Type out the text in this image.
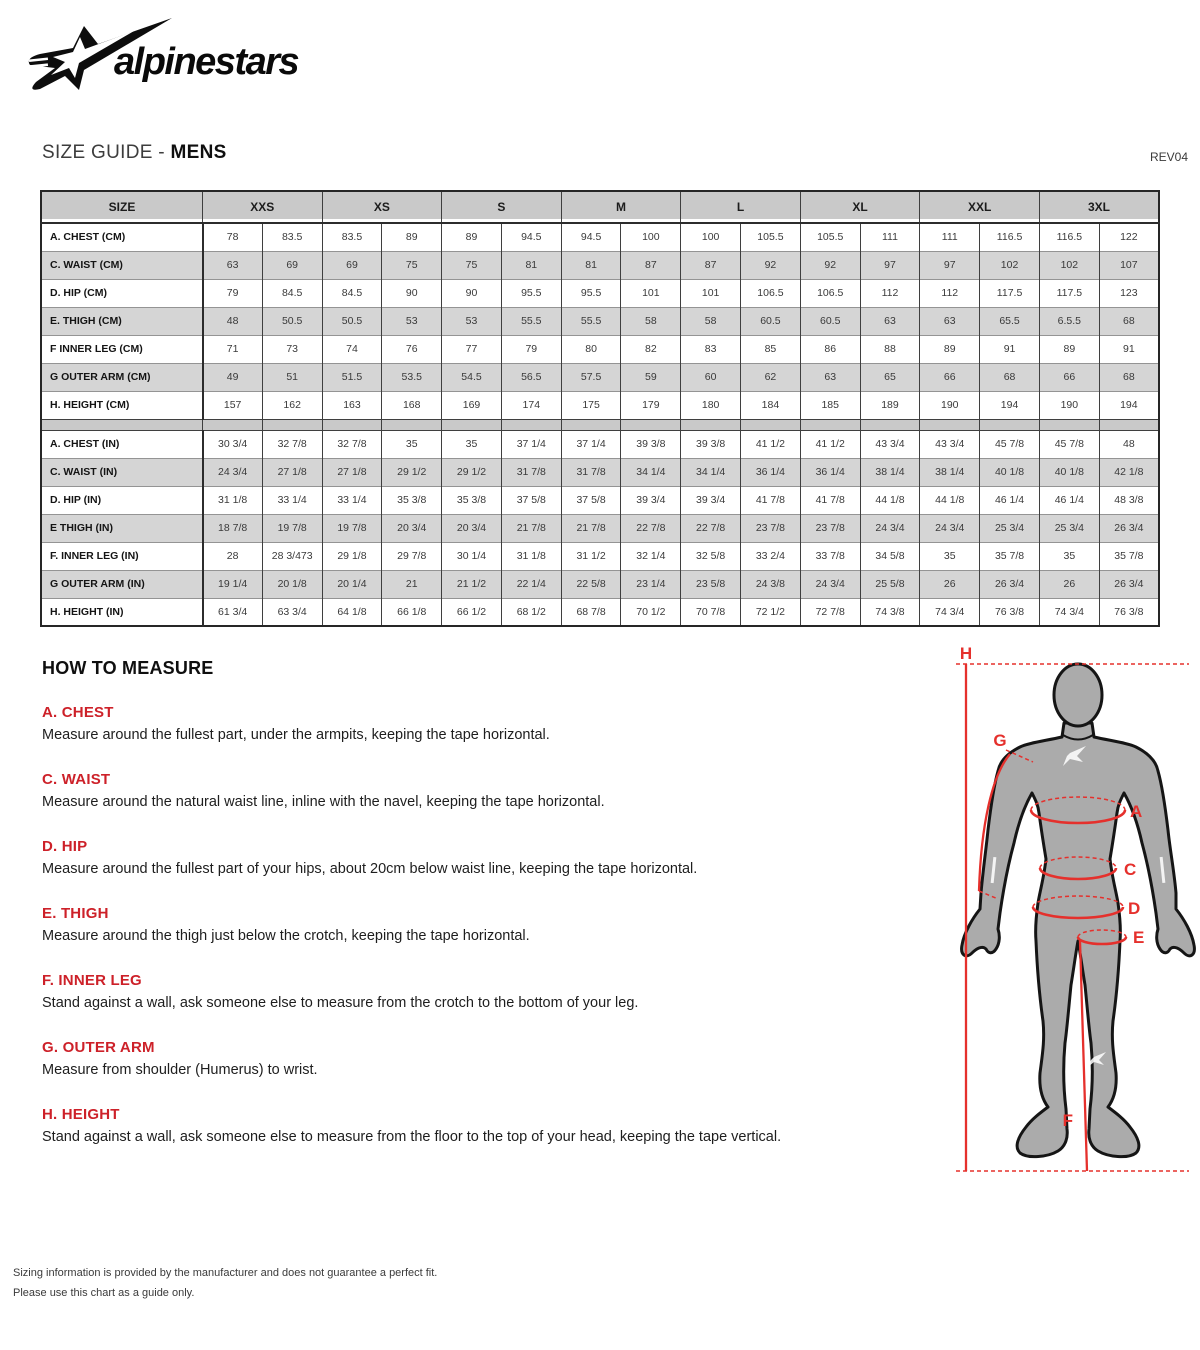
alpinestars
SIZE GUIDE - MENS	REV04
SIZE	XXS		XS		S		M		L		XL		XXL		3XL	
A. CHEST (CM)	78	83.5	83.5	89	89	94.5	94.5	100	100	105.5	105.5	111	111	116.5	116.5	122
C. WAIST (CM)	63	69	69	75	75	81	81	87	87	92	92	97	97	102	102	107
D. HIP (CM)	79	84.5	84.5	90	90	95.5	95.5	101	101	106.5	106.5	112	112	117.5	117.5	123
E. THIGH (CM)	48	50.5	50.5	53	53	55.5	55.5	58	58	60.5	60.5	63	63	65.5	6.5.5	68
F INNER LEG (CM)	71	73	74	76	77	79	80	82	83	85	86	88	89	91	89	91
G OUTER ARM (CM)	49	51	51.5	53.5	54.5	56.5	57.5	59	60	62	63	65	66	68	66	68
H. HEIGHT (CM)	157	162	163	168	169	174	175	179	180	184	185	189	190	194	190	194

A. CHEST (IN)	30 3/4	32 7/8	32 7/8	35	35	37 1/4	37 1/4	39 3/8	39 3/8	41 1/2	41 1/2	43 3/4	43 3/4	45 7/8	45 7/8	48
C. WAIST (IN)	24 3/4	27 1/8	27 1/8	29 1/2	29 1/2	31 7/8	31 7/8	34 1/4	34 1/4	36 1/4	36 1/4	38 1/4	38 1/4	40 1/8	40 1/8	42 1/8
D. HIP (IN)	31 1/8	33 1/4	33 1/4	35 3/8	35 3/8	37 5/8	37 5/8	39 3/4	39 3/4	41 7/8	41 7/8	44 1/8	44 1/8	46 1/4	46 1/4	48 3/8
E THIGH (IN)	18 7/8	19 7/8	19 7/8	20 3/4	20 3/4	21 7/8	21 7/8	22 7/8	22 7/8	23 7/8	23 7/8	24 3/4	24 3/4	25 3/4	25 3/4	26 3/4
F. INNER LEG (IN)	28	28 3/473	29 1/8	29 7/8	30 1/4	31 1/8	31 1/2	32 1/4	32 5/8	33 2/4	33 7/8	34 5/8	35	35 7/8	35	35 7/8
G OUTER ARM (IN)	19 1/4	20 1/8	20 1/4	21	21 1/2	22 1/4	22 5/8	23 1/4	23 5/8	24 3/8	24 3/4	25 5/8	26	26 3/4	26	26 3/4
H. HEIGHT (IN)	61 3/4	63 3/4	64 1/8	66 1/8	66 1/2	68 1/2	68 7/8	70 1/2	70 7/8	72 1/2	72 7/8	74 3/8	74 3/4	76 3/8	74 3/4	76 3/8
HOW TO MEASURE
A. CHEST

Measure around the fullest part, under the armpits, keeping the tape horizontal.

C. WAIST

Measure around the natural waist line, inline with the navel, keeping the tape horizontal.

D. HIP

Measure around the fullest part of your hips, about 20cm below waist line, keeping the tape horizontal.

E. THIGH

Measure around the thigh just below the crotch, keeping the tape horizontal.

F. INNER LEG

Stand against a wall, ask someone else to measure from the crotch to the bottom of your leg.

G. OUTER ARM

Measure from shoulder (Humerus) to wrist.

H. HEIGHT

Stand against a wall, ask someone else to measure from the floor to the top of your head, keeping the tape vertical.

H
G
A
C
D
E
F
Sizing information is provided by the manufacturer and does not guarantee a perfect fit.
Please use this chart as a guide only.
